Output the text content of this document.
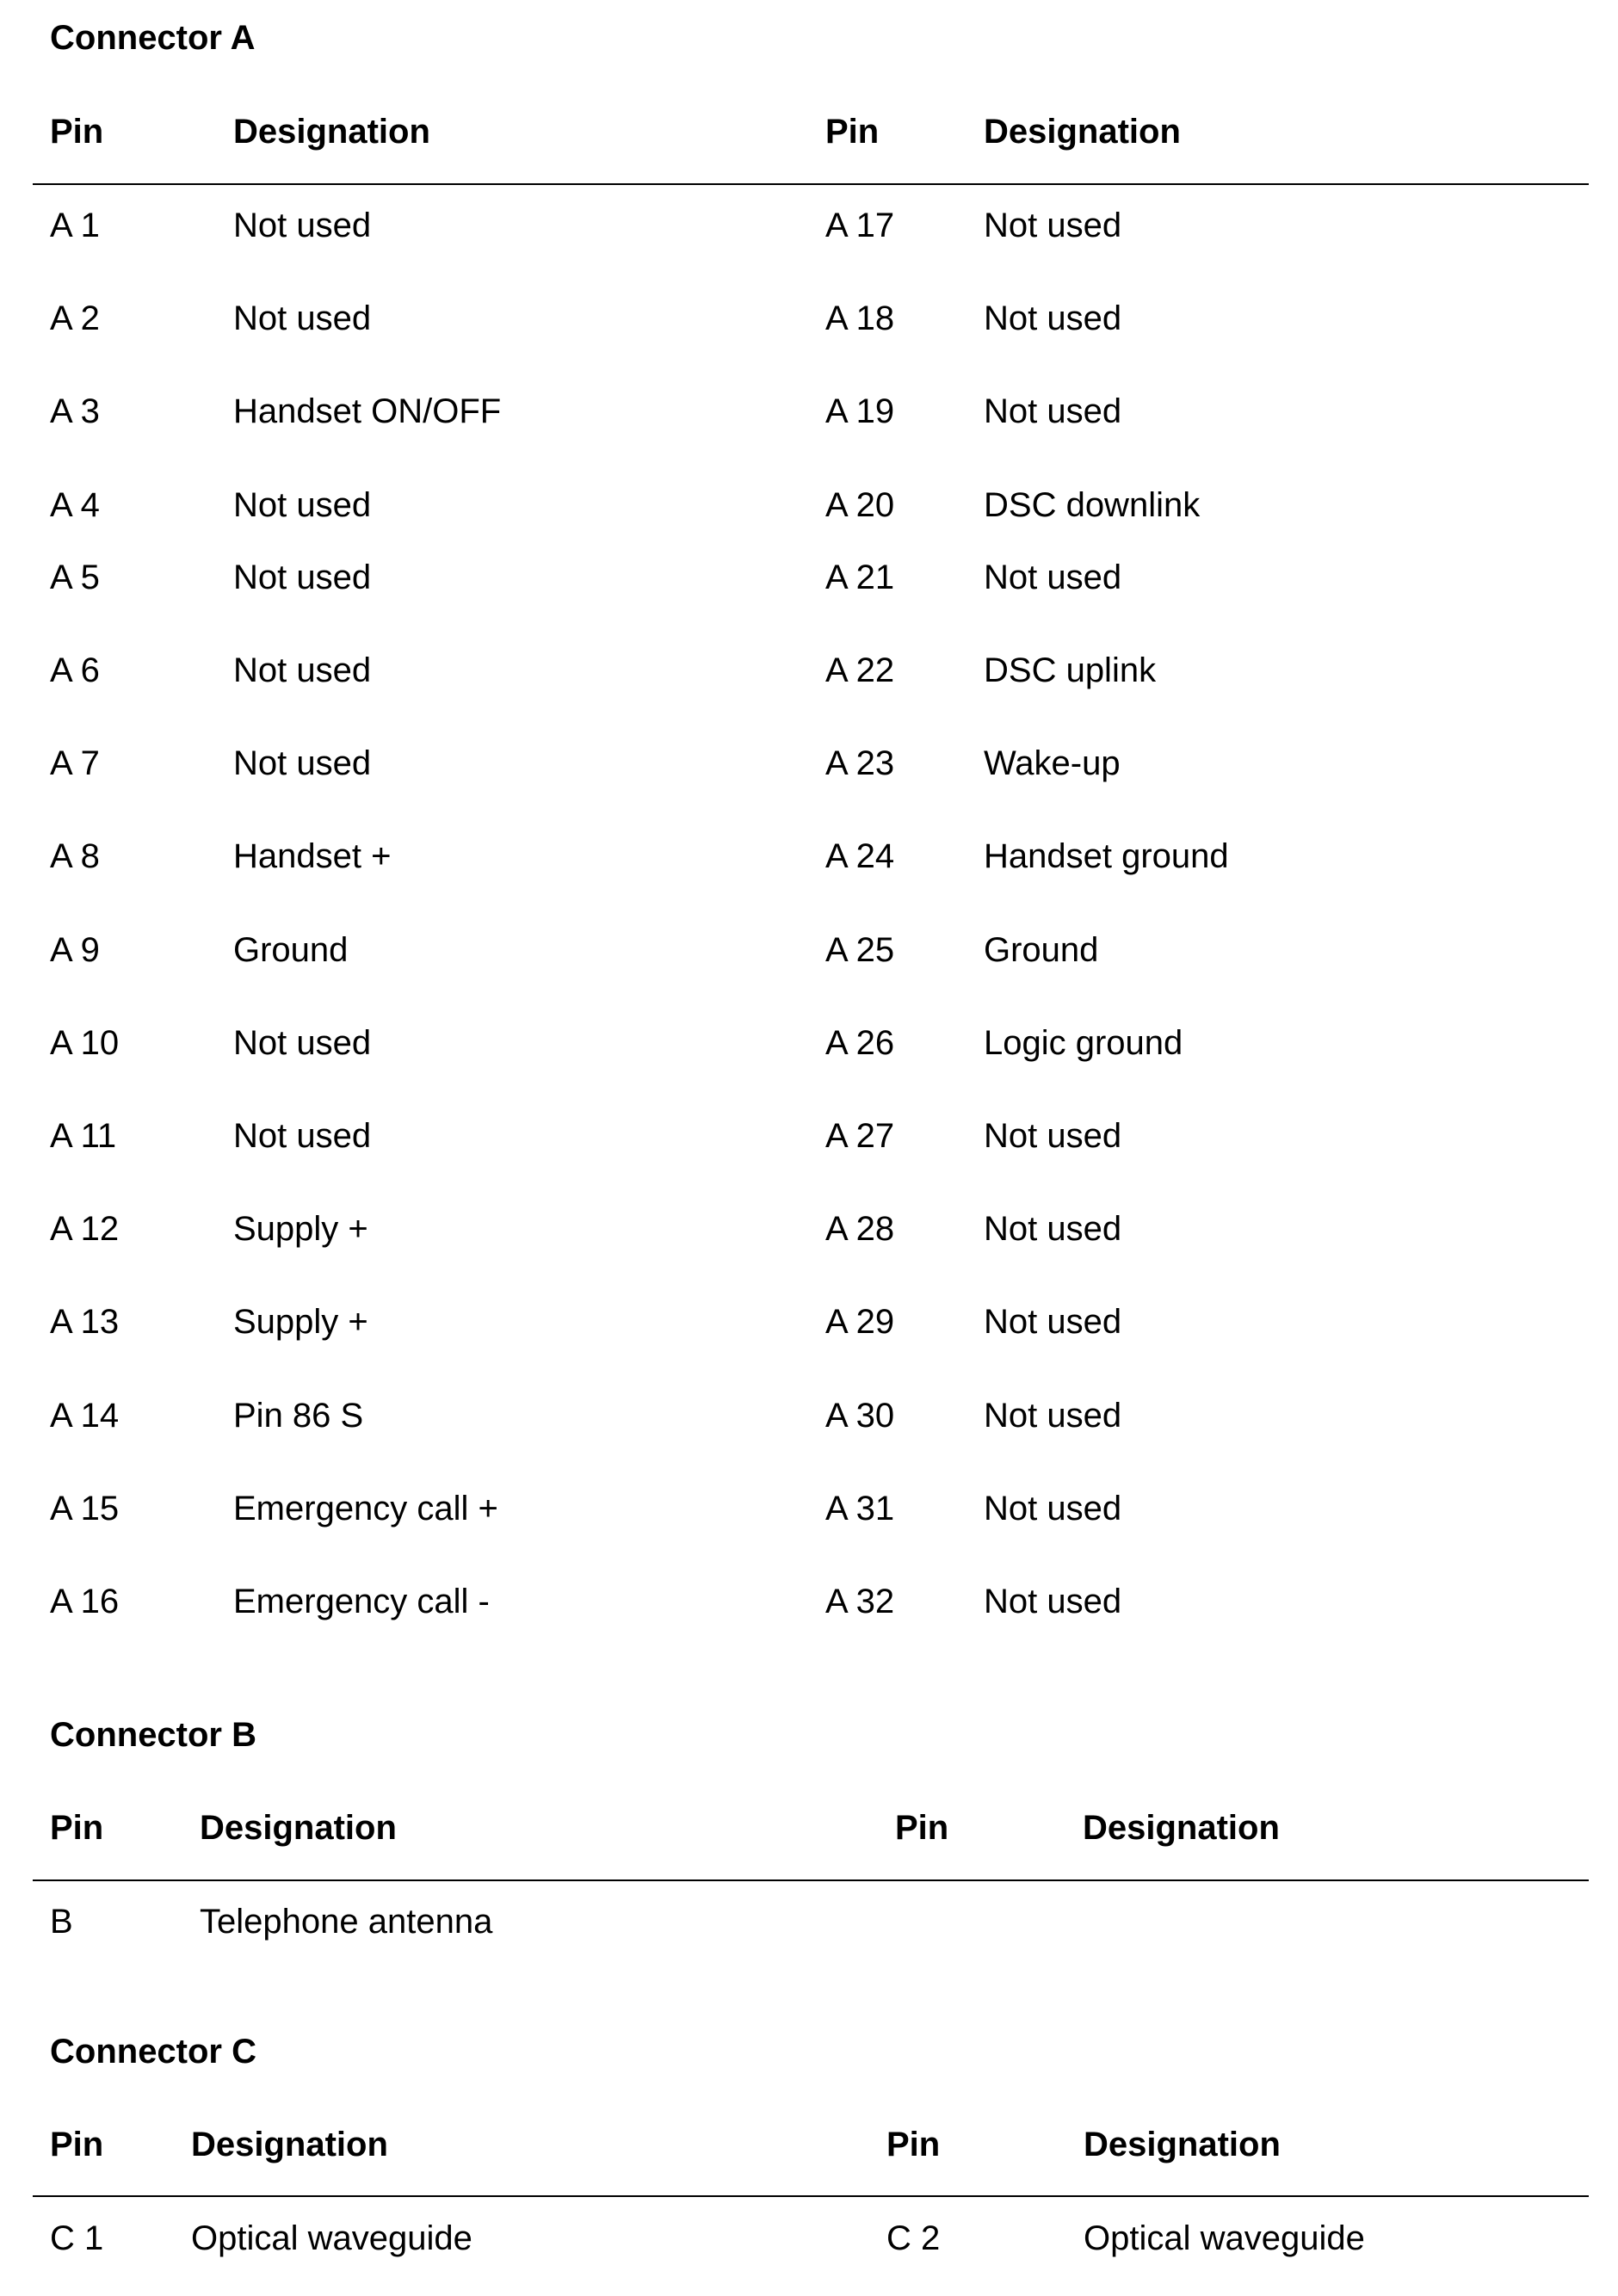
Connector A
Pin	Designation	Pin	Designation
A 1	Not used	A 17	Not used
A 2	Not used	A 18	Not used
A 3	Handset ON/OFF	A 19	Not used
A 4	Not used	A 20	DSC downlink
A 5	Not used	A 21	Not used
A 6	Not used	A 22	DSC uplink
A 7	Not used	A 23	Wake-up
A 8	Handset +	A 24	Handset ground
A 9	Ground	A 25	Ground
A 10	Not used	A 26	Logic ground
A 11	Not used	A 27	Not used
A 12	Supply +	A 28	Not used
A 13	Supply +	A 29	Not used
A 14	Pin 86 S	A 30	Not used
A 15	Emergency call +	A 31	Not used
A 16	Emergency call -	A 32	Not used
Connector B
Pin	Designation	Pin	Designation
B	Telephone antenna
Connector C
Pin	Designation	Pin	Designation
C 1	Optical waveguide	C 2	Optical waveguide
